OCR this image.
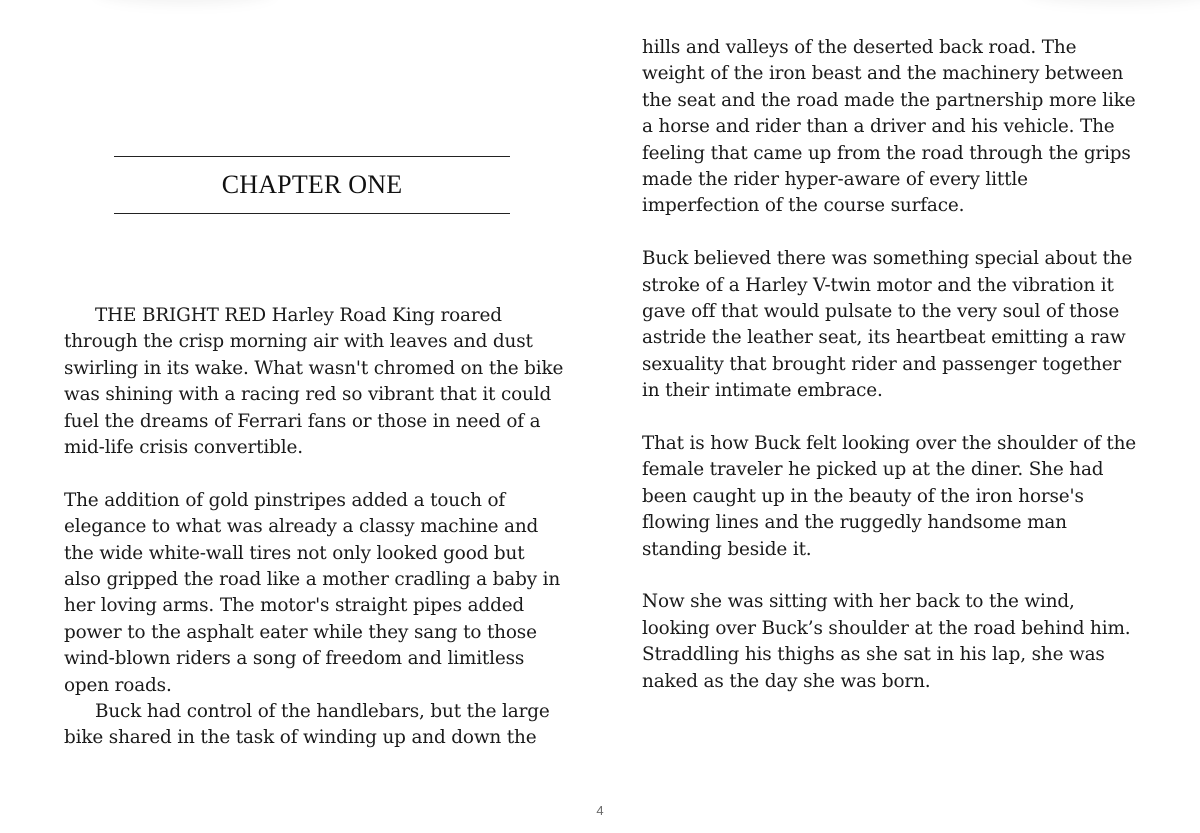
CHAPTER ONE

THE BRIGHT RED Harley Road King roared through the crisp morning air with leaves and dust swirling in its wake. What wasn't chromed on the bike was shining with a racing red so vibrant that it could fuel the dreams of Ferrari fans or those in need of a mid-life crisis convertible.

The addition of gold pinstripes added a touch of elegance to what was already a classy machine and the wide white-wall tires not only looked good but also gripped the road like a mother cradling a baby in her loving arms. The motor's straight pipes added power to the asphalt eater while they sang to those wind-blown riders a song of freedom and limitless open roads.

Buck had control of the handlebars, but the large bike shared in the task of winding up and down the

hills and valleys of the deserted back road. The weight of the iron beast and the machinery between the seat and the road made the partnership more like a horse and rider than a driver and his vehicle. The feeling that came up from the road through the grips made the rider hyper-aware of every little imperfection of the course surface.

Buck believed there was something special about the stroke of a Harley V-twin motor and the vibration it gave off that would pulsate to the very soul of those astride the leather seat, its heartbeat emitting a raw sexuality that brought rider and passenger together in their intimate embrace.

That is how Buck felt looking over the shoulder of the female traveler he picked up at the diner. She had been caught up in the beauty of the iron horse's flowing lines and the ruggedly handsome man standing beside it.

Now she was sitting with her back to the wind, looking over Buck’s shoulder at the road behind him. Straddling his thighs as she sat in his lap, she was naked as the day she was born.

4
